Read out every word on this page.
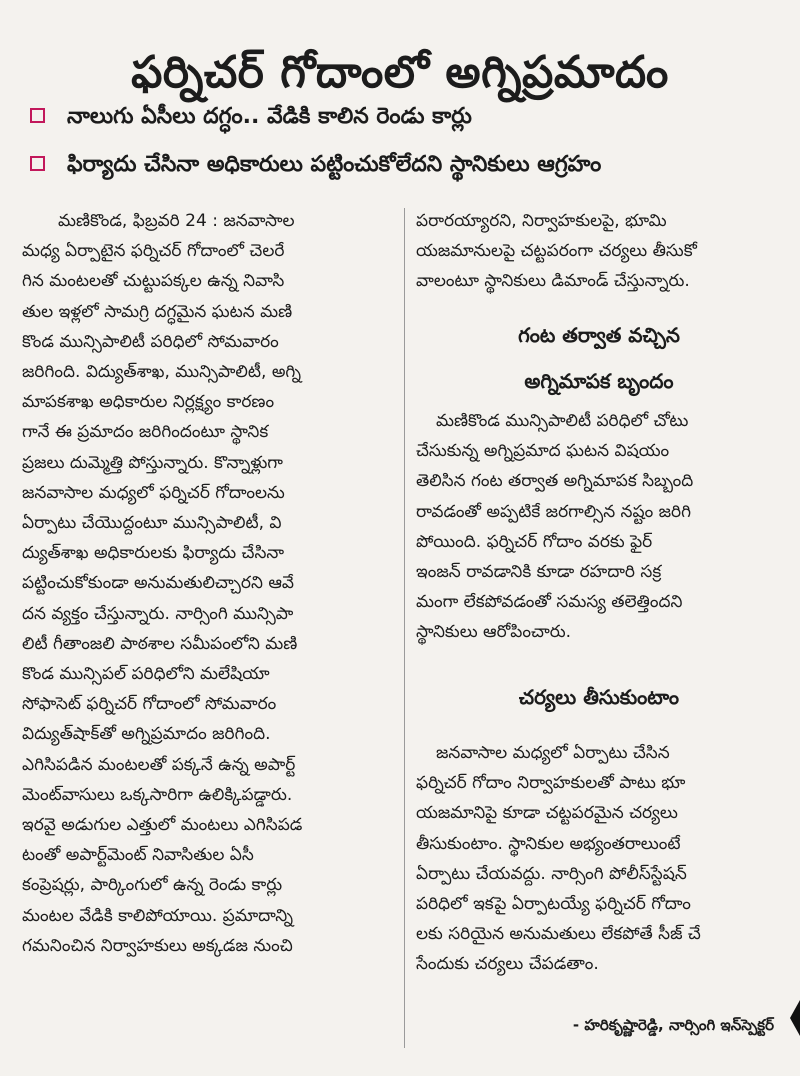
ఫర్నిచర్ గోదాంలో అగ్నిప్రమాదం
నాలుగు ఏసీలు దగ్ధం.. వేడికి కాలిన రెండు కార్లు
ఫిర్యాదు చేసినా అధికారులు పట్టించుకోలేదని స్థానికులు ఆగ్రహం

మణికొండ, ఫిబ్రవరి 24 : జనవాసాల

మధ్య ఏర్పాటైన ఫర్నిచర్ గోదాంలో చెలరే

గిన మంటలతో చుట్టుపక్కల ఉన్న నివాసి

తుల ఇళ్లలో సామగ్రి దగ్ధమైన ఘటన మణి

కొండ మున్సిపాలిటీ పరిధిలో సోమవారం

జరిగింది. విద్యుత్‌శాఖ, మున్సిపాలిటీ, అగ్ని

మాపకశాఖ అధికారుల నిర్లక్ష్యం కారణం

గానే ఈ ప్రమాదం జరిగిందంటూ స్థానిక

ప్రజలు దుమ్మెత్తి పోస్తున్నారు. కొన్నాళ్లుగా

జనవాసాల మధ్యలో ఫర్నిచర్ గోదాంలను

ఏర్పాటు చేయొద్దంటూ మున్సిపాలిటీ, వి

ద్యుత్‌శాఖ అధికారులకు ఫిర్యాదు చేసినా

పట్టించుకోకుండా అనుమతులిచ్చారని ఆవే

దన వ్యక్తం చేస్తున్నారు. నార్సింగి మున్సిపా

లిటీ గీతాంజలి పాఠశాల సమీపంలోని మణి

కొండ మున్సిపల్ పరిధిలోని మలేషియా

సోఫాసెట్ ఫర్నిచర్ గోదాంలో సోమవారం

విద్యుత్‌షాక్‌తో అగ్నిప్రమాదం జరిగింది.

ఎగిసిపడిన మంటలతో పక్కనే ఉన్న అపార్ట్

మెంట్‌వాసులు ఒక్కసారిగా ఉలిక్కిపడ్డారు.

ఇరవై అడుగుల ఎత్తులో మంటలు ఎగిసిపడ

టంతో అపార్ట్‌మెంట్ నివాసితుల ఏసీ

కంప్రెషర్లు, పార్కింగులో ఉన్న రెండు కార్లు

మంటల వేడికి కాలిపోయాయి. ప్రమాదాన్ని

గమనించిన నిర్వాహకులు అక్కడజ నుంచి

పరారయ్యారని, నిర్వాహకులపై, భూమి

యజమానులపై చట్టపరంగా చర్యలు తీసుకో

వాలంటూ స్థానికులు డిమాండ్ చేస్తున్నారు.

గంట తర్వాత వచ్చిన
అగ్నిమాపక బృందం

మణికొండ మున్సిపాలిటీ పరిధిలో చోటు

చేసుకున్న అగ్నిప్రమాద ఘటన విషయం

తెలిసిన గంట తర్వాత అగ్నిమాపక సిబ్బంది

రావడంతో అప్పటికే జరగాల్సిన నష్టం జరిగి

పోయింది. ఫర్నిచర్ గోదాం వరకు ఫైర్

ఇంజన్ రావడానికి కూడా రహదారి సక్ర

మంగా లేకపోవడంతో సమస్య తలెత్తిందని

స్థానికులు ఆరోపించారు.

చర్యలు తీసుకుంటాం

జనవాసాల మధ్యలో ఏర్పాటు చేసిన

ఫర్నిచర్ గోదాం నిర్వాహకులతో పాటు భూ

యజమానిపై కూడా చట్టపరమైన చర్యలు

తీసుకుంటాం. స్థానికుల అభ్యంతరాలుంటే

ఏర్పాటు చేయవద్దు. నార్సింగి పోలీస్‌స్టేషన్

పరిధిలో ఇకపై ఏర్పాటయ్యే ఫర్నిచర్ గోదాం

లకు సరియైన అనుమతులు లేకపోతే సీజ్ చే

సేందుకు చర్యలు చేపడతాం.

- హరికృష్ణారెడ్డి, నార్సింగి ఇన్‌స్పెక్టర్
